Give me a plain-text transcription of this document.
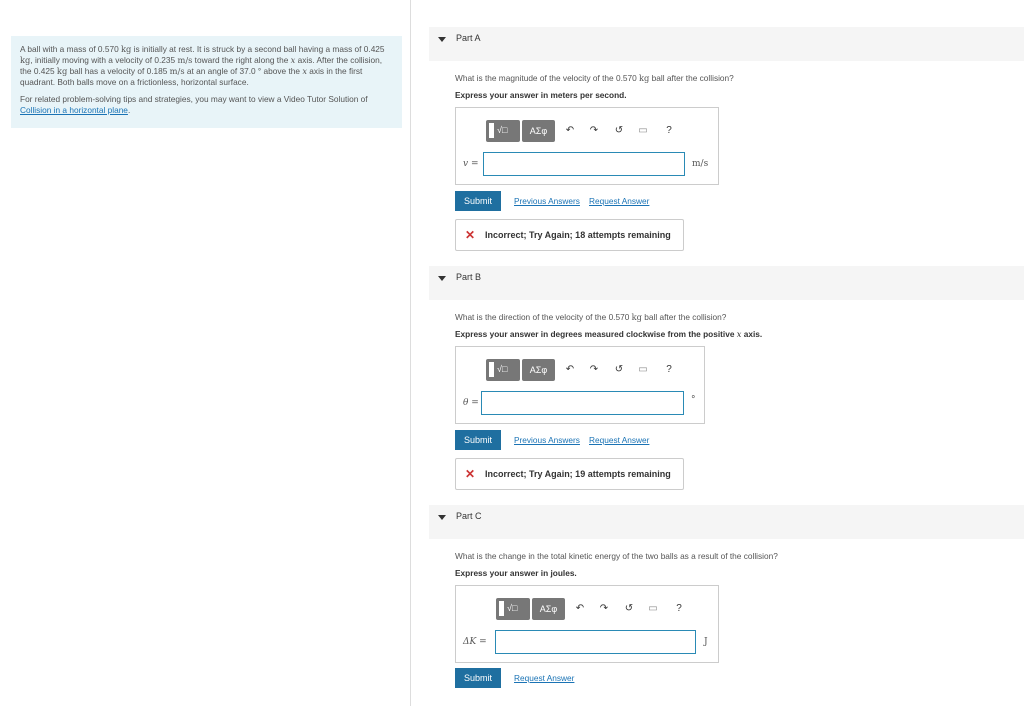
A ball with a mass of 0.570 kg is initially at rest. It is struck by a second ball having a mass of 0.425 kg, initially moving with a velocity of 0.235 m/s toward the right along the x axis. After the collision, the 0.425 kg ball has a velocity of 0.185 m/s at an angle of 37.0 ° above the x axis in the first quadrant. Both balls move on a frictionless, horizontal surface.

For related problem-solving tips and strategies, you may want to view a Video Tutor Solution of Collision in a horizontal plane.

Part A
What is the magnitude of the velocity of the 0.570 kg ball after the collision?
Express your answer in meters per second.
√□	ΑΣφ	↶ ↷ ↺ ▭	?
v =	m/s
Submit	Previous Answers Request Answer
✕ Incorrect; Try Again; 18 attempts remaining
Part B
What is the direction of the velocity of the 0.570 kg ball after the collision?
Express your answer in degrees measured clockwise from the positive x axis.
√□	ΑΣφ	↶ ↷ ↺ ▭	?
θ =	°
Submit	Previous Answers Request Answer
✕ Incorrect; Try Again; 19 attempts remaining
Part C
What is the change in the total kinetic energy of the two balls as a result of the collision?
Express your answer in joules.
√□	ΑΣφ	↶ ↷ ↺ ▭	?
ΔK =	J
Submit	Request Answer
